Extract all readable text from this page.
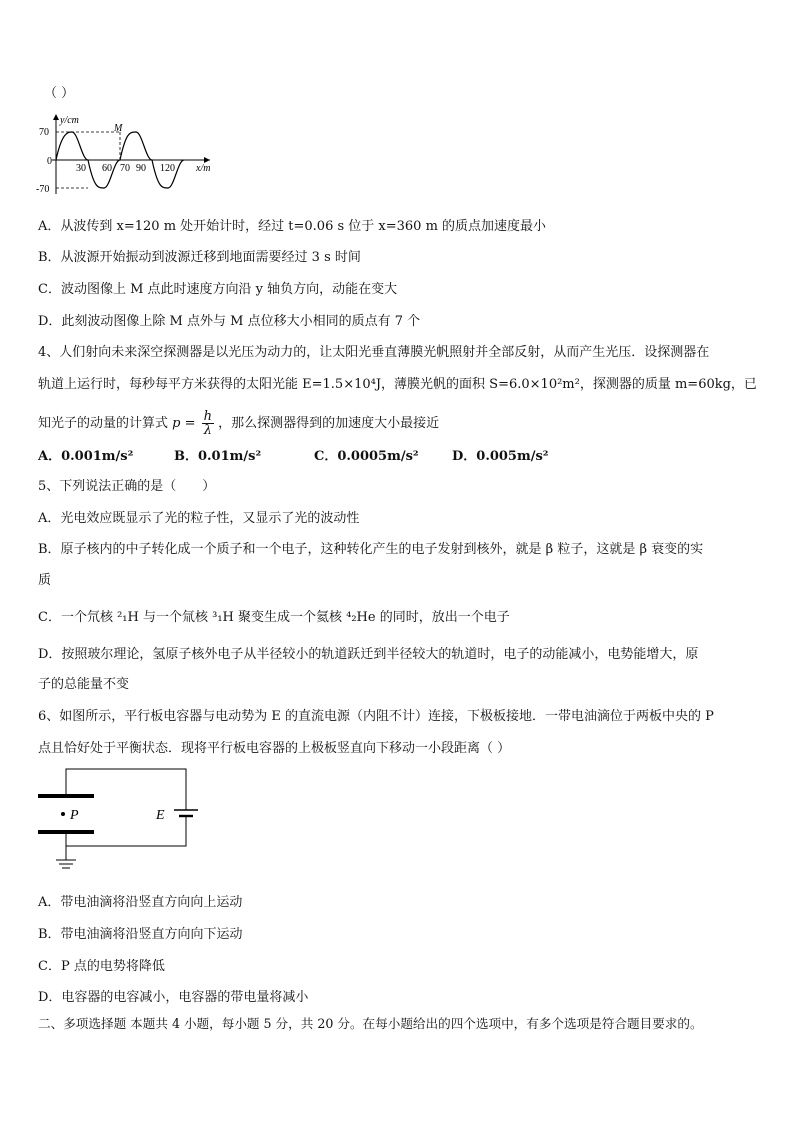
（ ）
y/cm
70
0
-70
M
30 60 70 90 120 x/m
A．从波传到 x=120 m 处开始计时，经过 t=0.06 s 位于 x=360 m 的质点加速度最小
B．从波源开始振动到波源迁移到地面需要经过 3 s 时间
C．波动图像上 M 点此时速度方向沿 y 轴负方向，动能在变大
D．此刻波动图像上除 M 点外与 M 点位移大小相同的质点有 7 个
4、人们射向未来深空探测器是以光压为动力的，让太阳光垂直薄膜光帆照射并全部反射，从而产生光压．设探测器在
轨道上运行时，每秒每平方米获得的太阳光能 E=1.5×10⁴J，薄膜光帆的面积 S=6.0×10²m²，探测器的质量 m=60kg，已
知光子的动量的计算式 $p = \frac{h}{\lambda}$ ，那么探测器得到的加速度大小最接近
A．0.001m/s²	B．0.01m/s²	C．0.0005m/s²	D．0.005m/s²
5、下列说法正确的是（　　）
A．光电效应既显示了光的粒子性，又显示了光的波动性
B．原子核内的中子转化成一个质子和一个电子，这种转化产生的电子发射到核外，就是 β 粒子，这就是 β 衰变的实
质
C．一个氘核 ²₁H 与一个氚核 ³₁H 聚变生成一个氦核 ⁴₂He 的同时，放出一个电子
D．按照玻尔理论，氢原子核外电子从半径较小的轨道跃迁到半径较大的轨道时，电子的动能减小，电势能增大，原
子的总能量不变
6、如图所示，平行板电容器与电动势为 E 的直流电源（内阻不计）连接，下极板接地．一带电油滴位于两板中央的 P
点且恰好处于平衡状态．现将平行板电容器的上极板竖直向下移动一小段距离（ ）
P	E
A．带电油滴将沿竖直方向向上运动
B．带电油滴将沿竖直方向向下运动
C．P 点的电势将降低
D．电容器的电容减小，电容器的带电量将减小
二、多项选择题 本题共 4 小题，每小题 5 分，共 20 分。在每小题给出的四个选项中，有多个选项是符合题目要求的。
